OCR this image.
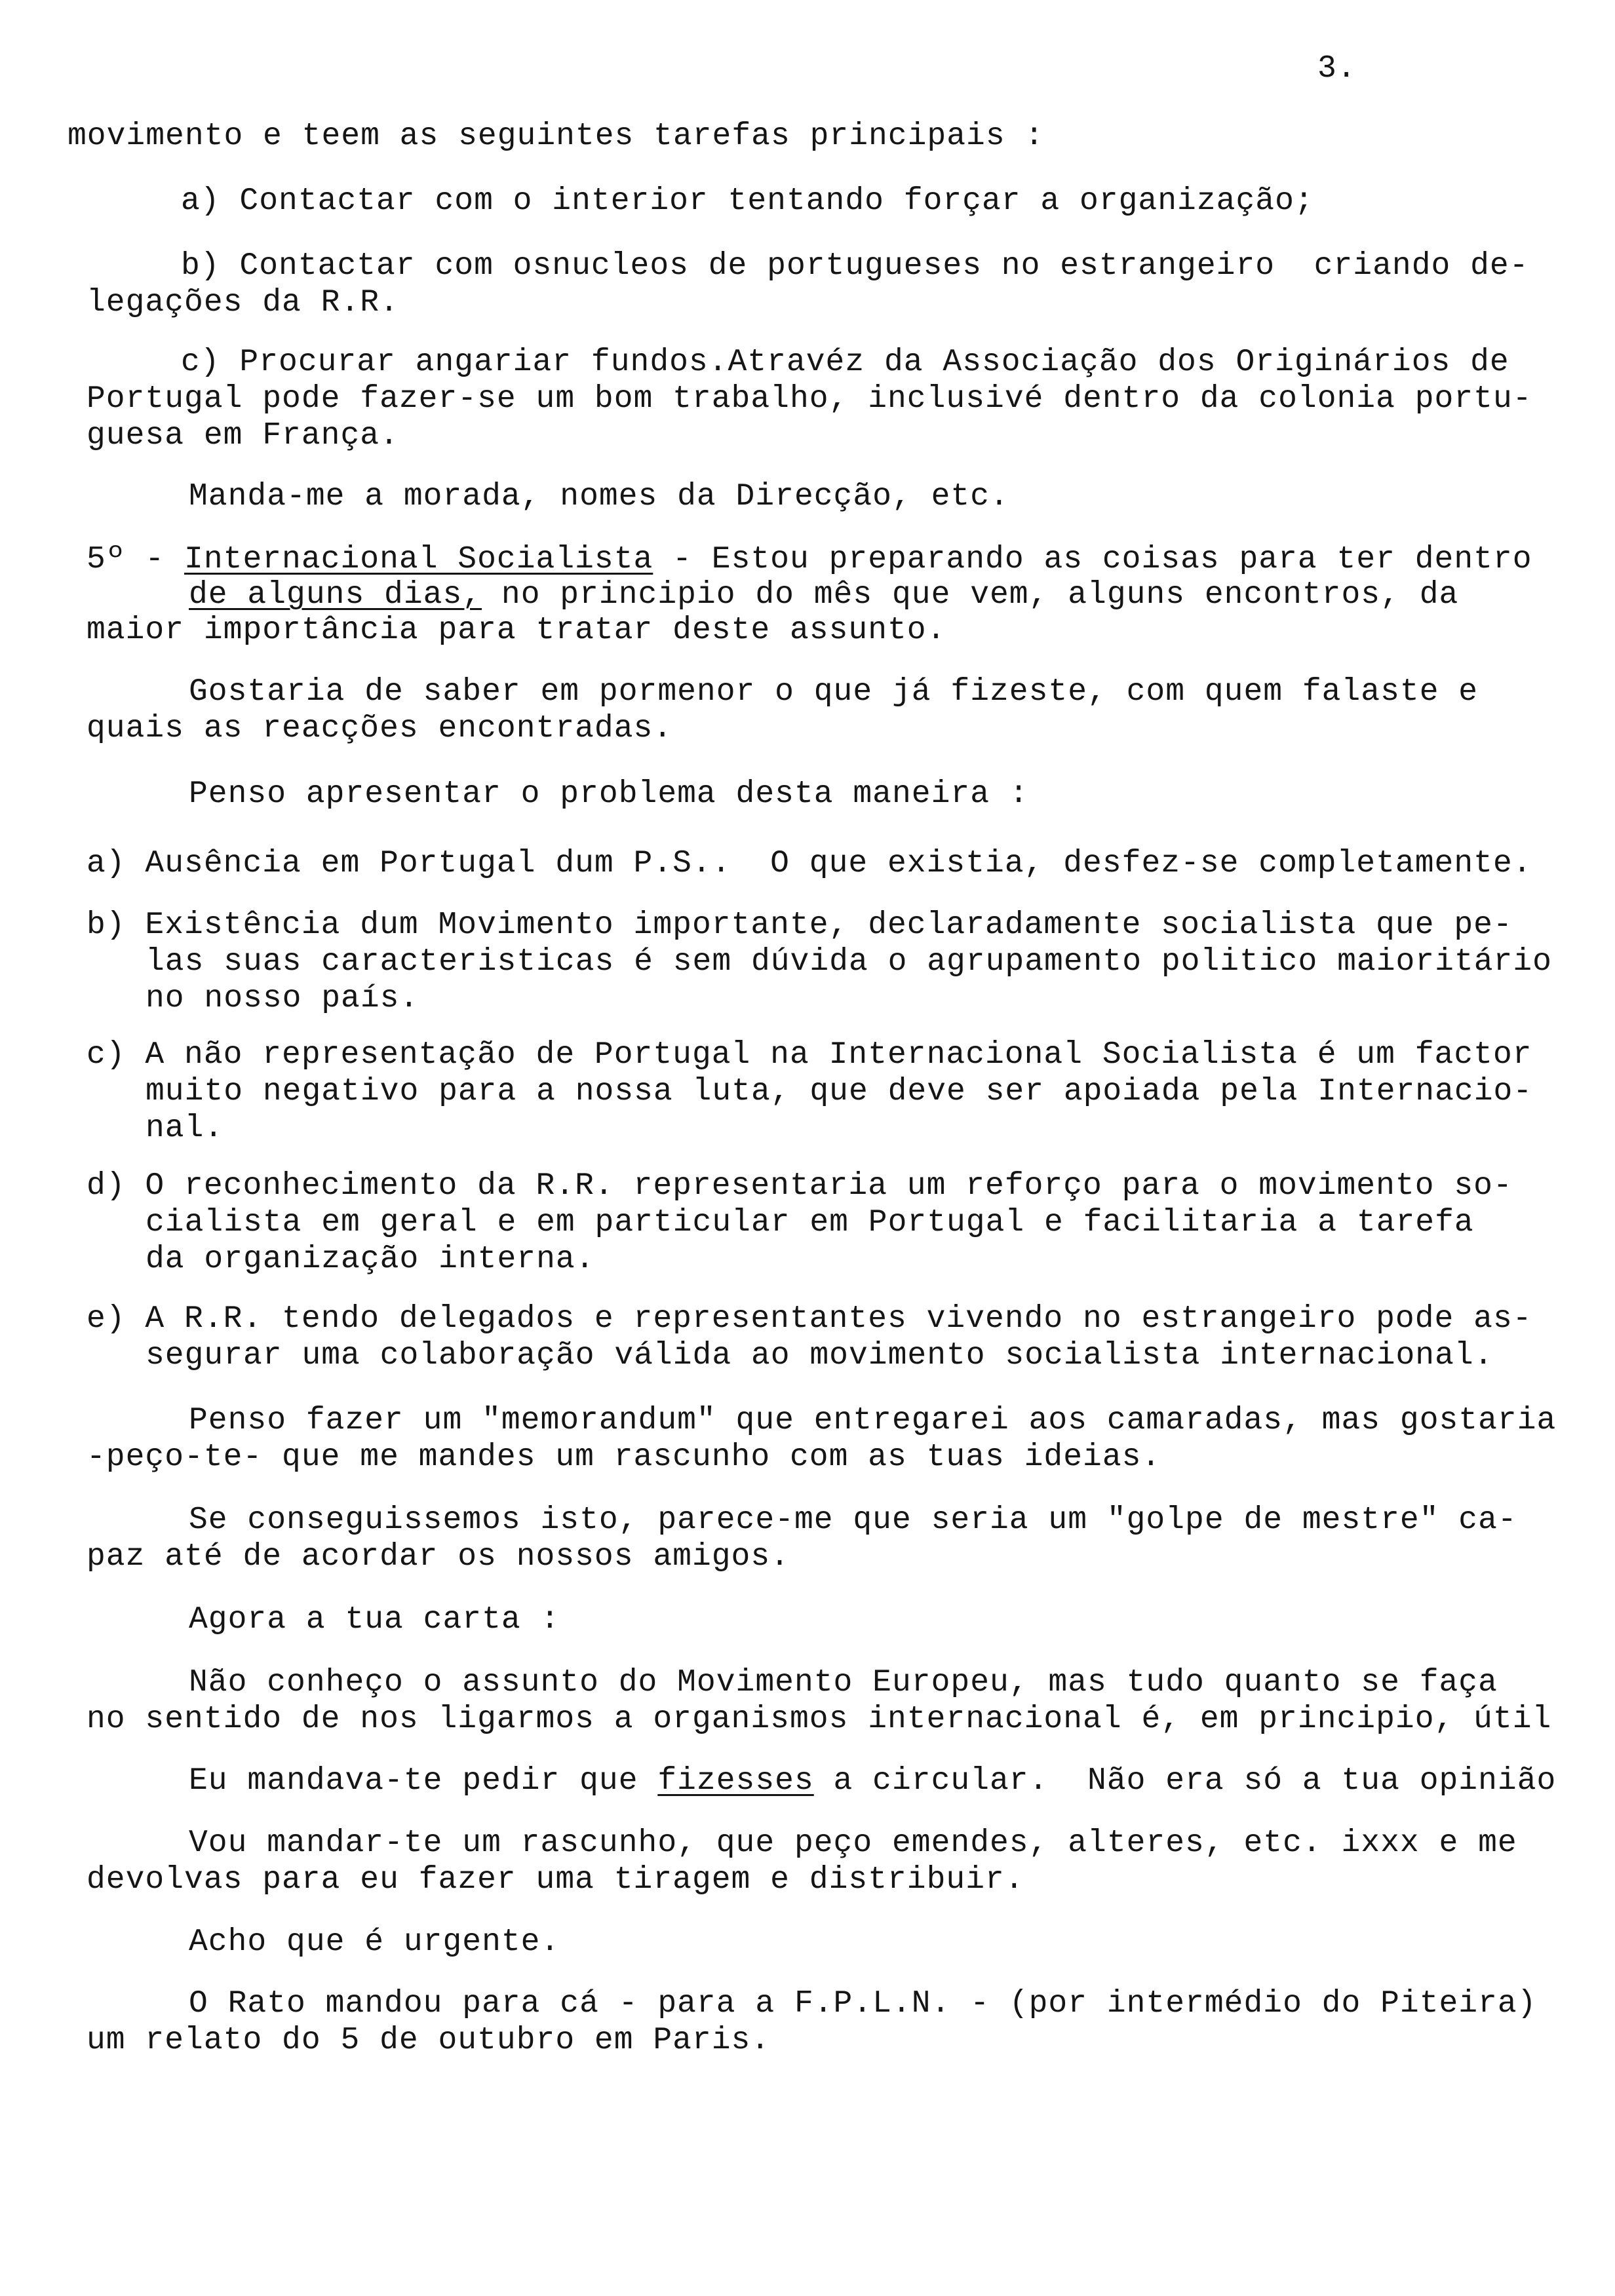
3.
movimento e teem as seguintes tarefas principais :
a) Contactar com o interior tentando forçar a organização;
b) Contactar com osnucleos de portugueses no estrangeiro  criando de-
legações da R.R.
c) Procurar angariar fundos.Atravéz da Associação dos Originários de
Portugal pode fazer-se um bom trabalho, inclusivé dentro da colonia portu-
guesa em França.
Manda-me a morada, nomes da Direcção, etc.
5º - Internacional Socialista - Estou preparando as coisas para ter dentro
de alguns dias, no principio do mês que vem, alguns encontros, da
maior importância para tratar deste assunto.
Gostaria de saber em pormenor o que já fizeste, com quem falaste e
quais as reacções encontradas.
Penso apresentar o problema desta maneira :
a) Ausência em Portugal dum P.S..  O que existia, desfez-se completamente.
b) Existência dum Movimento importante, declaradamente socialista que pe-
las suas caracteristicas é sem dúvida o agrupamento politico maioritário
no nosso país.
c) A não representação de Portugal na Internacional Socialista é um factor
muito negativo para a nossa luta, que deve ser apoiada pela Internacio-
nal.
d) O reconhecimento da R.R. representaria um reforço para o movimento so-
cialista em geral e em particular em Portugal e facilitaria a tarefa
da organização interna.
e) A R.R. tendo delegados e representantes vivendo no estrangeiro pode as-
segurar uma colaboração válida ao movimento socialista internacional.
Penso fazer um "memorandum" que entregarei aos camaradas, mas gostaria
-peço-te- que me mandes um rascunho com as tuas ideias.
Se conseguissemos isto, parece-me que seria um "golpe de mestre" ca-
paz até de acordar os nossos amigos.
Agora a tua carta :
Não conheço o assunto do Movimento Europeu, mas tudo quanto se faça
no sentido de nos ligarmos a organismos internacional é, em principio, útil
Eu mandava-te pedir que fizesses a circular.  Não era só a tua opinião
Vou mandar-te um rascunho, que peço emendes, alteres, etc. ixxx e me
devolvas para eu fazer uma tiragem e distribuir.
Acho que é urgente.
O Rato mandou para cá - para a F.P.L.N. - (por intermédio do Piteira)
um relato do 5 de outubro em Paris.
